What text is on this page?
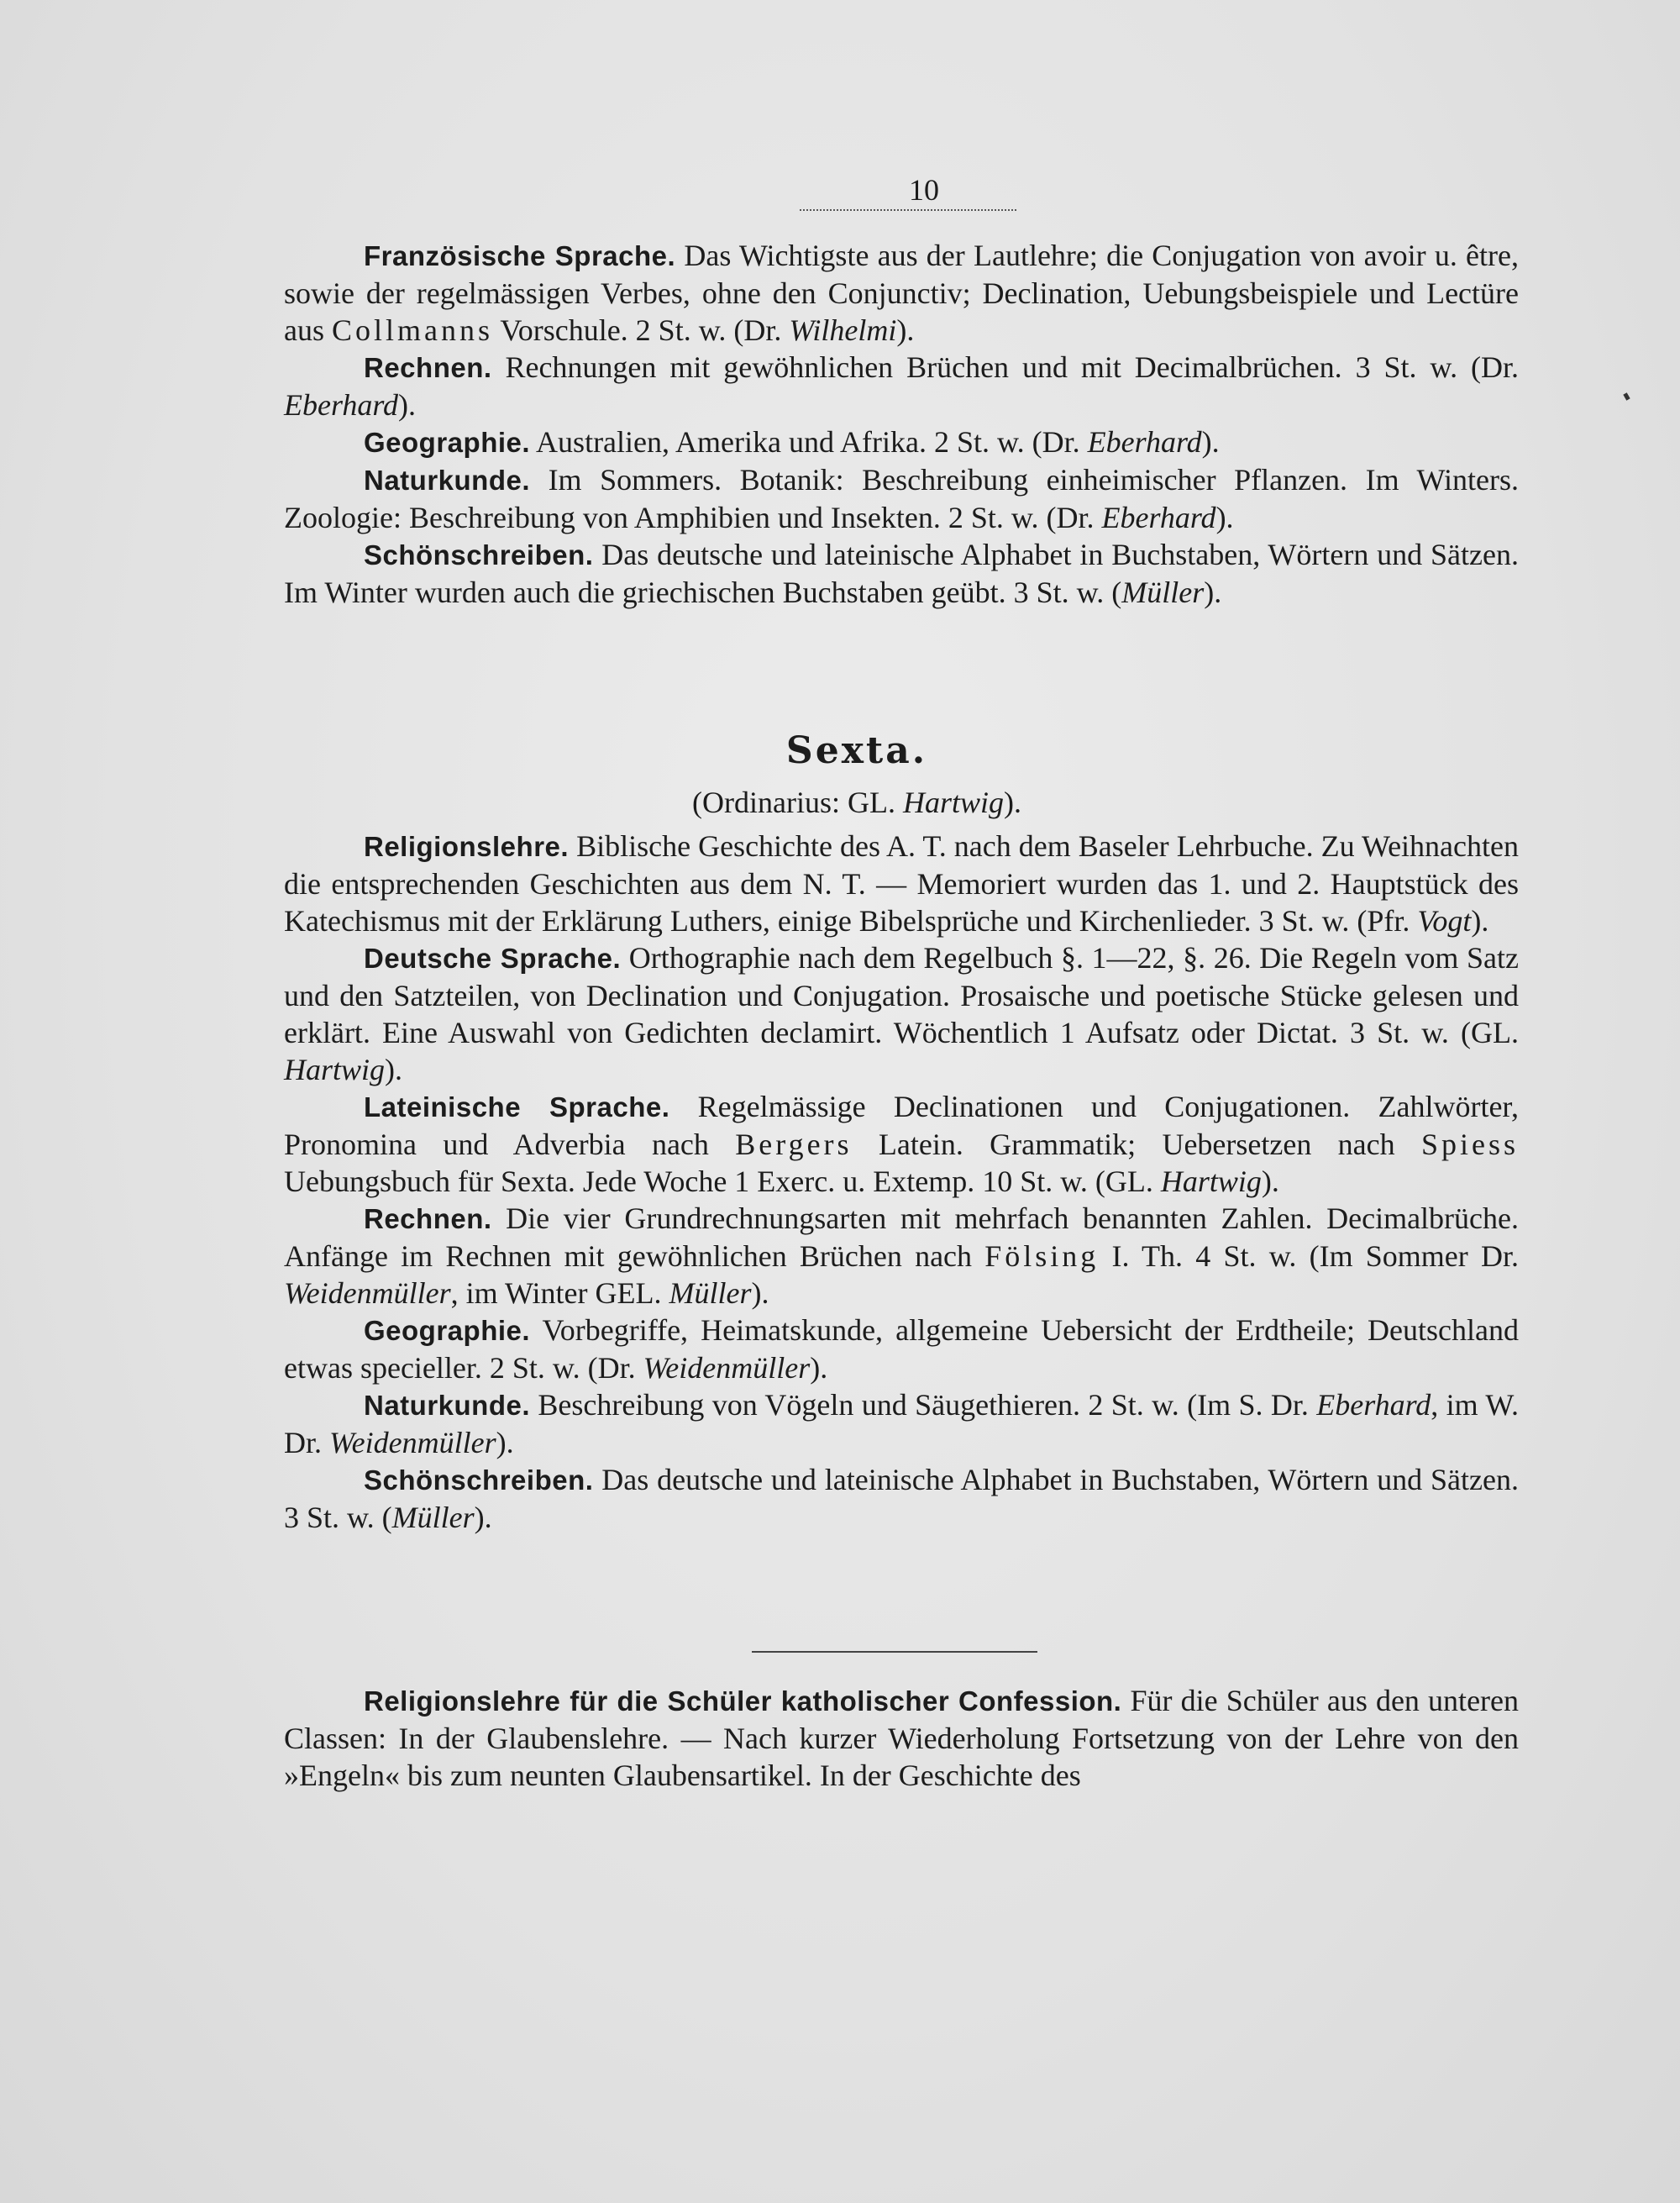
10

Französische Sprache. Das Wichtigste aus der Lautlehre; die Conjugation von avoir u. être, sowie der regelmässigen Verbes, ohne den Conjunctiv; Declination, Uebungsbeispiele und Lectüre aus Collmanns Vorschule. 2 St. w. (Dr. Wilhelmi).

Rechnen. Rechnungen mit gewöhnlichen Brüchen und mit Decimalbrüchen. 3 St. w. (Dr. Eberhard).

Geographie. Australien, Amerika und Afrika. 2 St. w. (Dr. Eberhard).

Naturkunde. Im Sommers. Botanik: Beschreibung einheimischer Pflanzen. Im Winters. Zoologie: Beschreibung von Amphibien und Insekten. 2 St. w. (Dr. Eberhard).

Schönschreiben. Das deutsche und lateinische Alphabet in Buchstaben, Wörtern und Sätzen. Im Winter wurden auch die griechischen Buchstaben geübt. 3 St. w. (Müller).

Sexta.
(Ordinarius: GL. Hartwig).

Religionslehre. Biblische Geschichte des A. T. nach dem Baseler Lehrbuche. Zu Weihnachten die entsprechenden Geschichten aus dem N. T. — Memoriert wurden das 1. und 2. Hauptstück des Katechismus mit der Erklärung Luthers, einige Bibelsprüche und Kirchenlieder. 3 St. w. (Pfr. Vogt).

Deutsche Sprache. Orthographie nach dem Regelbuch §. 1—22, §. 26. Die Regeln vom Satz und den Satzteilen, von Declination und Conjugation. Prosaische und poetische Stücke gelesen und erklärt. Eine Auswahl von Gedichten declamirt. Wöchentlich 1 Aufsatz oder Dictat. 3 St. w. (GL. Hartwig).

Lateinische Sprache. Regelmässige Declinationen und Conjugationen. Zahlwörter, Pronomina und Adverbia nach Bergers Latein. Grammatik; Uebersetzen nach Spiess Uebungsbuch für Sexta. Jede Woche 1 Exerc. u. Extemp. 10 St. w. (GL. Hartwig).

Rechnen. Die vier Grundrechnungsarten mit mehrfach benannten Zahlen. Decimalbrüche. Anfänge im Rechnen mit gewöhnlichen Brüchen nach Fölsing I. Th. 4 St. w. (Im Sommer Dr. Weidenmüller, im Winter GEL. Müller).

Geographie. Vorbegriffe, Heimatskunde, allgemeine Uebersicht der Erdtheile; Deutschland etwas specieller. 2 St. w. (Dr. Weidenmüller).

Naturkunde. Beschreibung von Vögeln und Säugethieren. 2 St. w. (Im S. Dr. Eberhard, im W. Dr. Weidenmüller).

Schönschreiben. Das deutsche und lateinische Alphabet in Buchstaben, Wörtern und Sätzen. 3 St. w. (Müller).

Religionslehre für die Schüler katholischer Confession. Für die Schüler aus den unteren Classen: In der Glaubenslehre. — Nach kurzer Wiederholung Fortsetzung von der Lehre von den »Engeln« bis zum neunten Glaubensartikel. In der Geschichte des
